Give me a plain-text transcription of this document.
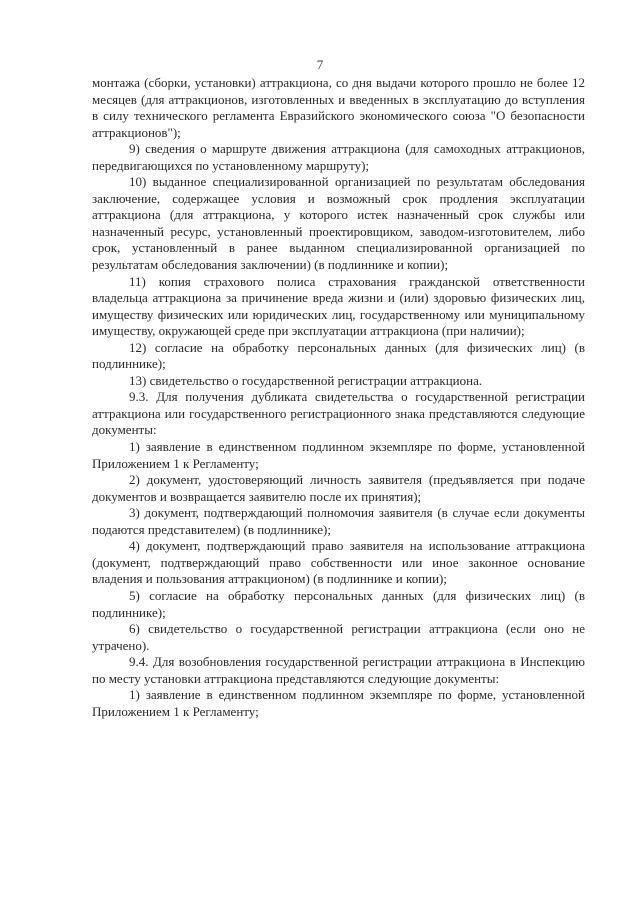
7

монтажа (сборки, установки) аттракциона, со дня выдачи которого прошло не более 12 месяцев (для аттракционов, изготовленных и введенных в эксплуатацию до вступления в силу технического регламента Евразийского экономического союза "О безопасности аттракционов");

9) сведения о маршруте движения аттракциона (для самоходных аттракционов, передвигающихся по установленному маршруту);

10) выданное специализированной организацией по результатам обследования заключение, содержащее условия и возможный срок продления эксплуатации аттракциона (для аттракциона, у которого истек назначенный срок службы или назначенный ресурс, установленный проектировщиком, заводом-изготовителем, либо срок, установленный в ранее выданном специализированной организацией по результатам обследования заключении) (в подлиннике и копии);

11) копия страхового полиса страхования гражданской ответственности владельца аттракциона за причинение вреда жизни и (или) здоровью физических лиц, имуществу физических или юридических лиц, государственному или муниципальному имуществу, окружающей среде при эксплуатации аттракциона (при наличии);

12) согласие на обработку персональных данных (для физических лиц) (в подлиннике);

13) свидетельство о государственной регистрации аттракциона.

9.3. Для получения дубликата свидетельства о государственной регистрации аттракциона или государственного регистрационного знака представляются следующие документы:

1) заявление в единственном подлинном экземпляре по форме, установленной Приложением 1 к Регламенту;

2) документ, удостоверяющий личность заявителя (предъявляется при подаче документов и возвращается заявителю после их принятия);

3) документ, подтверждающий полномочия заявителя (в случае если документы подаются представителем) (в подлиннике);

4) документ, подтверждающий право заявителя на использование аттракциона (документ, подтверждающий право собственности или иное законное основание владения и пользования аттракционом) (в подлиннике и копии);

5) согласие на обработку персональных данных (для физических лиц) (в подлиннике);

6) свидетельство о государственной регистрации аттракциона (если оно не утрачено).

9.4. Для возобновления государственной регистрации аттракциона в Инспекцию по месту установки аттракциона представляются следующие документы:

1) заявление в единственном подлинном экземпляре по форме, установленной Приложением 1 к Регламенту;
